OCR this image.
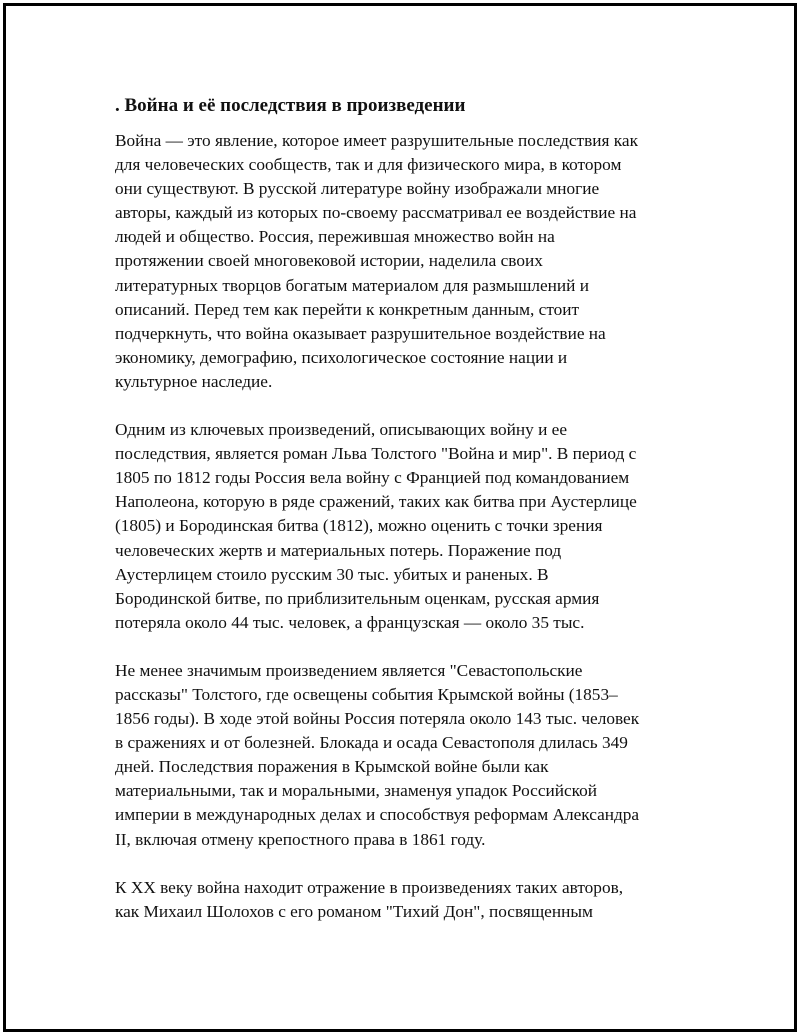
. Война и её последствия в произведении

Война — это явление, которое имеет разрушительные последствия как
для человеческих сообществ, так и для физического мира, в котором
они существуют. В русской литературе войну изображали многие
авторы, каждый из которых по-своему рассматривал ее воздействие на
людей и общество. Россия, пережившая множество войн на
протяжении своей многовековой истории, наделила своих
литературных творцов богатым материалом для размышлений и
описаний. Перед тем как перейти к конкретным данным, стоит
подчеркнуть, что война оказывает разрушительное воздействие на
экономику, демографию, психологическое состояние нации и
культурное наследие.

Одним из ключевых произведений, описывающих войну и ее
последствия, является роман Льва Толстого "Война и мир". В период с
1805 по 1812 годы Россия вела войну с Францией под командованием
Наполеона, которую в ряде сражений, таких как битва при Аустерлице
(1805) и Бородинская битва (1812), можно оценить с точки зрения
человеческих жертв и материальных потерь. Поражение под
Аустерлицем стоило русским 30 тыс. убитых и раненых. В
Бородинской битве, по приблизительным оценкам, русская армия
потеряла около 44 тыс. человек, а французская — около 35 тыс.

Не менее значимым произведением является "Севастопольские
рассказы" Толстого, где освещены события Крымской войны (1853–
1856 годы). В ходе этой войны Россия потеряла около 143 тыс. человек
в сражениях и от болезней. Блокада и осада Севастополя длилась 349
дней. Последствия поражения в Крымской войне были как
материальными, так и моральными, знаменуя упадок Российской
империи в международных делах и способствуя реформам Александра
II, включая отмену крепостного права в 1861 году.

К XX веку война находит отражение в произведениях таких авторов,
как Михаил Шолохов с его романом "Тихий Дон", посвященным
